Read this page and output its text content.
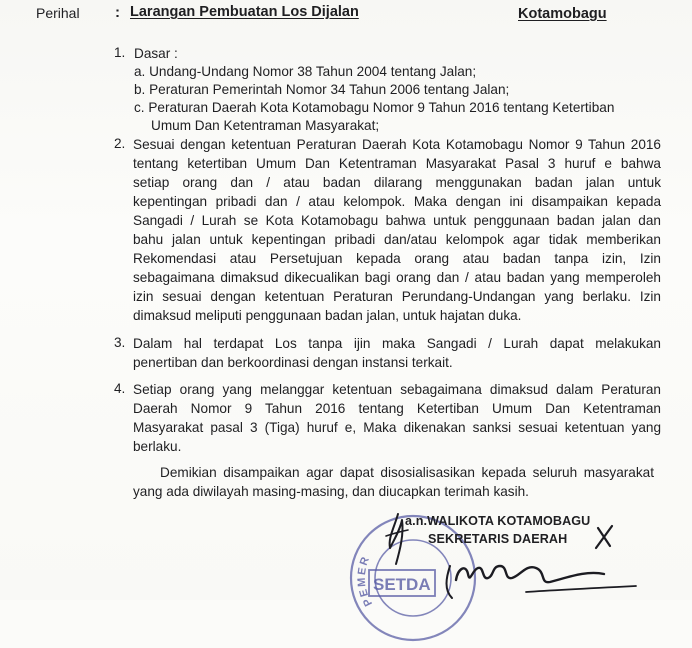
Perihal : Larangan Pembuatan Los Dijalan	Kotamobagu
1. Dasar :
a. Undang-Undang Nomor 38 Tahun 2004 tentang Jalan;
b. Peraturan Pemerintah Nomor 34 Tahun 2006 tentang Jalan;
c. Peraturan Daerah Kota Kotamobagu Nomor 9 Tahun 2016 tentang Ketertiban
Umum Dan Ketentraman Masyarakat;
2. Sesuai dengan ketentuan Peraturan Daerah Kota Kotamobagu Nomor 9 Tahun 2016
tentang ketertiban Umum Dan Ketentraman Masyarakat Pasal 3 huruf e bahwa
setiap orang dan / atau badan dilarang menggunakan badan jalan untuk
kepentingan pribadi dan / atau kelompok. Maka dengan ini disampaikan kepada
Sangadi / Lurah se Kota Kotamobagu bahwa untuk penggunaan badan jalan dan
bahu jalan untuk kepentingan pribadi dan/atau kelompok agar tidak memberikan
Rekomendasi atau Persetujuan kepada orang atau badan tanpa izin, Izin
sebagaimana dimaksud dikecualikan bagi orang dan / atau badan yang memperoleh
izin sesuai dengan ketentuan Peraturan Perundang-Undangan yang berlaku. Izin
dimaksud meliputi penggunaan badan jalan, untuk hajatan duka.
3. Dalam hal terdapat Los tanpa ijin maka Sangadi / Lurah dapat melakukan
penertiban dan berkoordinasi dengan instansi terkait.
4. Setiap orang yang melanggar ketentuan sebagaimana dimaksud dalam Peraturan
Daerah Nomor 9 Tahun 2016 tentang Ketertiban Umum Dan Ketentraman
Masyarakat pasal 3 (Tiga) huruf e, Maka dikenakan sanksi sesuai ketentuan yang
berlaku.
Demikian disampaikan agar dapat disosialisasikan kepada seluruh masyarakat
yang ada diwilayah masing-masing, dan diucapkan terimah kasih.
PEMER
SETDA
a.n.WALIKOTA KOTAMOBAGU
SEKRETARIS DAERAH
